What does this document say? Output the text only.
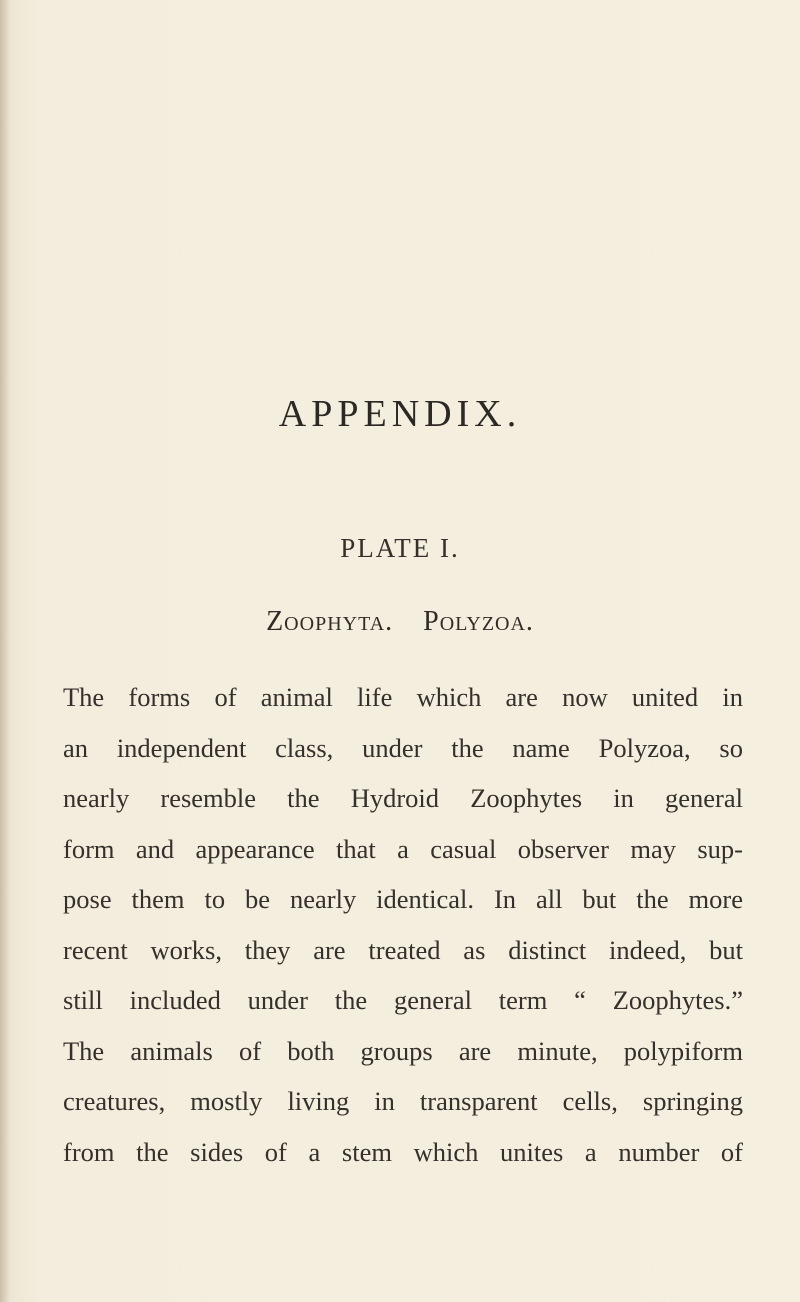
APPENDIX.
PLATE I.
Zoophyta. Polyzoa.
The forms of animal life which are now united in
an independent class, under the name Polyzoa, so
nearly resemble the Hydroid Zoophytes in general
form and appearance that a casual observer may sup-
pose them to be nearly identical. In all but the more
recent works, they are treated as distinct indeed, but
still included under the general term “ Zoophytes.”
The animals of both groups are minute, polypiform
creatures, mostly living in transparent cells, springing
from the sides of a stem which unites a number of
